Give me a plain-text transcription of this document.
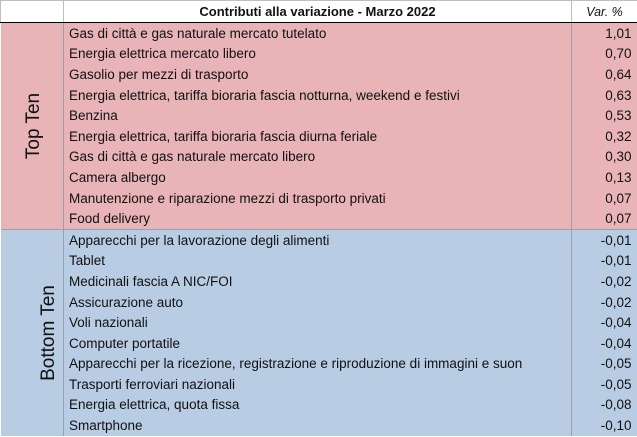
	Contributi alla variazione - Marzo 2022	Var. %
Top Ten	Gas di città e gas naturale mercato tutelato	1,01
	Energia elettrica mercato libero	0,70
	Gasolio per mezzi di trasporto	0,64
	Energia elettrica, tariffa bioraria fascia notturna, weekend e festivi	0,63
	Benzina	0,53
	Energia elettrica, tariffa bioraria fascia diurna feriale	0,32
	Gas di città e gas naturale mercato libero	0,30
	Camera albergo	0,13
	Manutenzione e riparazione mezzi di trasporto privati	0,07
	Food delivery	0,07
Bottom Ten	Apparecchi per la lavorazione degli alimenti	-0,01
	Tablet	-0,01
	Medicinali fascia A NIC/FOI	-0,02
	Assicurazione auto	-0,02
	Voli nazionali	-0,04
	Computer portatile	-0,04
	Apparecchi per la ricezione, registrazione e riproduzione di immagini e suon	-0,05
	Trasporti ferroviari nazionali	-0,05
	Energia elettrica, quota fissa	-0,08
	Smartphone	-0,10
